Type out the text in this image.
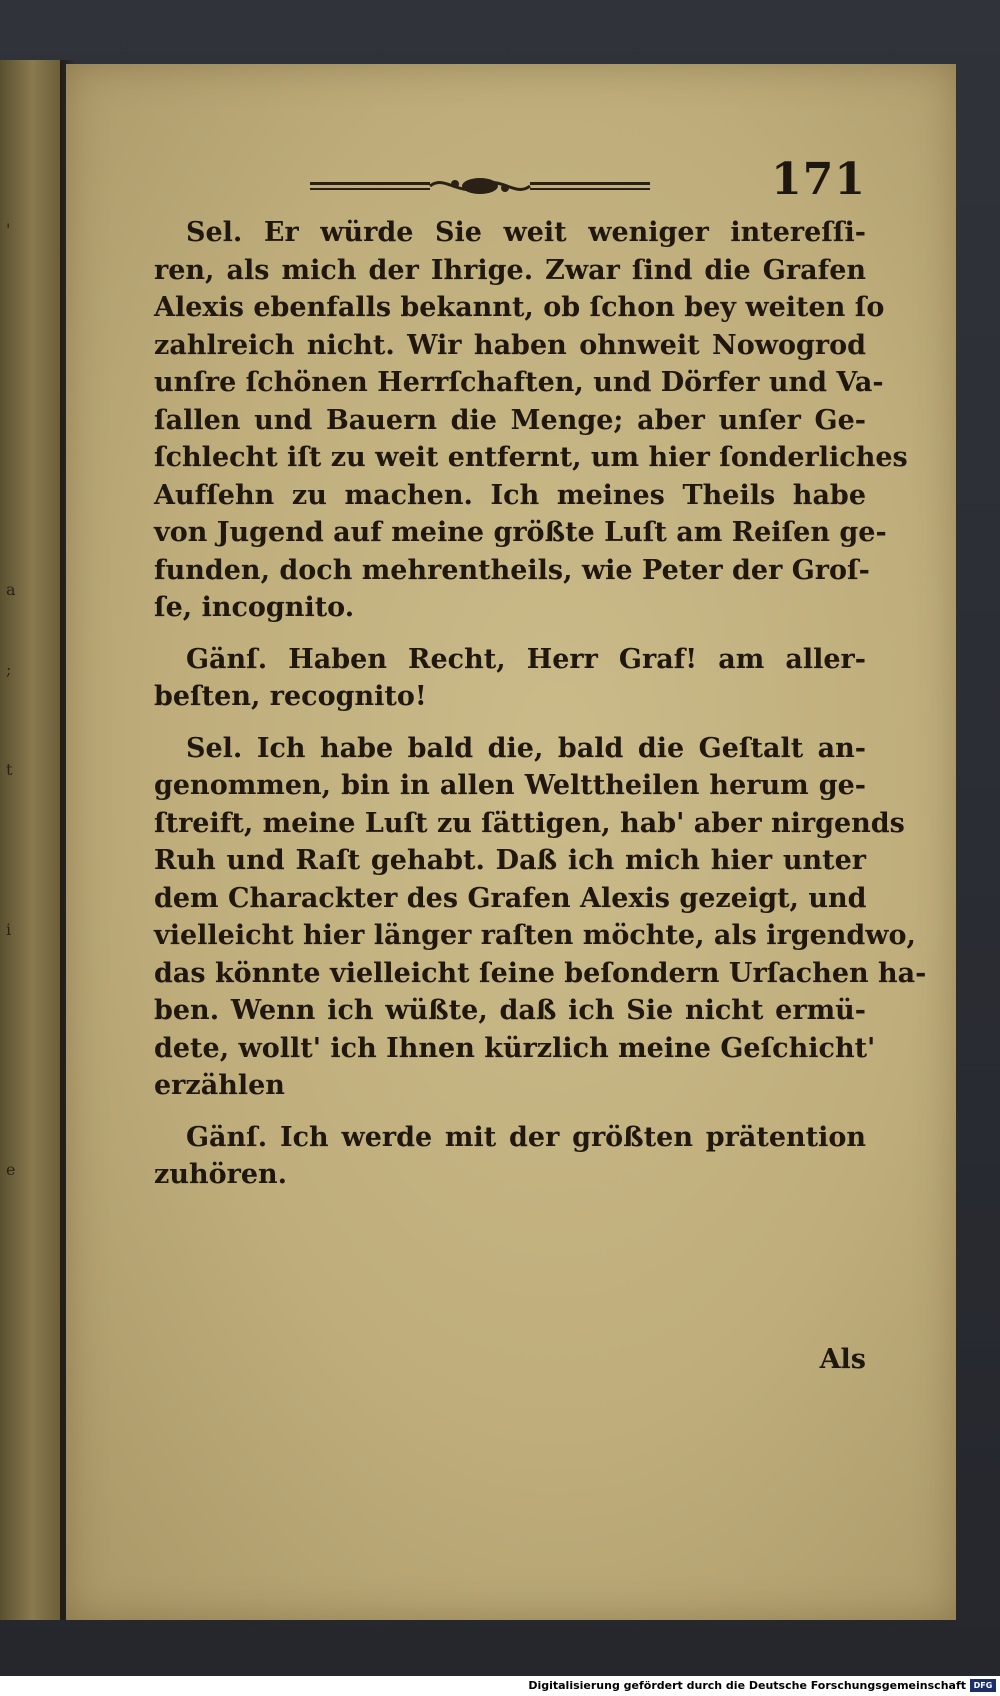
'
a
;
t
i
e
171
Sel. Er würde Sie weit weniger intereſſi-
ren, als mich der Ihrige. Zwar ſind die Grafen
Alexis ebenfalls bekannt, ob ſchon bey weiten ſo
zahlreich nicht. Wir haben ohnweit Nowogrod
unſre ſchönen Herrſchaften, und Dörfer und Va-
ſallen und Bauern die Menge; aber unſer Ge-
ſchlecht iſt zu weit entfernt, um hier ſonderliches
Aufſehn zu machen. Ich meines Theils habe
von Jugend auf meine größte Luſt am Reiſen ge-
funden, doch mehrentheils, wie Peter der Groſ-
ſe, incognito.
Gänſ. Haben Recht, Herr Graf! am aller-
beſten, recognito!
Sel. Ich habe bald die, bald die Geſtalt an-
genommen, bin in allen Welttheilen herum ge-
ſtreift, meine Luſt zu ſättigen, hab' aber nirgends
Ruh und Raſt gehabt. Daß ich mich hier unter
dem Charackter des Grafen Alexis gezeigt, und
vielleicht hier länger raſten möchte, als irgendwo,
das könnte vielleicht ſeine beſondern Urſachen ha-
ben. Wenn ich wüßte, daß ich Sie nicht ermü-
dete, wollt' ich Ihnen kürzlich meine Geſchicht'
erzählen
Gänſ. Ich werde mit der größten prätention
zuhören.
Als
Digitalisierung gefördert durch die Deutsche Forschungsgemeinschaft DFG
